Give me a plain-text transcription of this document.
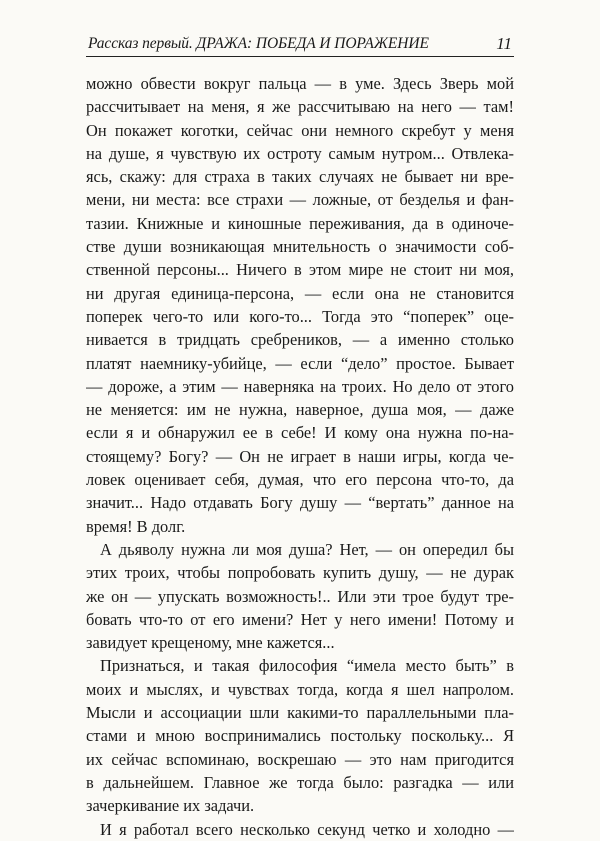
Рассказ первый. ДРАЖА: ПОБЕДА И ПОРАЖЕНИЕ	11
можно обвести вокруг пальца — в уме. Здесь Зверь мой
рассчитывает на меня, я же рассчитываю на него — там!
Он покажет коготки, сейчас они немного скребут у меня
на душе, я чувствую их остроту самым нутром... Отвлека-
ясь, скажу: для страха в таких случаях не бывает ни вре-
мени, ни места: все страхи — ложные, от безделья и фан-
тазии. Книжные и киношные переживания, да в одиноче-
стве души возникающая мнительность о значимости соб-
ственной персоны... Ничего в этом мире не стоит ни моя,
ни другая единица-персона, — если она не становится
поперек чего-то или кого-то... Тогда это “поперек” оце-
нивается в тридцать сребреников, — а именно столько
платят наемнику-убийце, — если “дело” простое. Бывает
— дороже, а этим — наверняка на троих. Но дело от этого
не меняется: им не нужна, наверное, душа моя, — даже
если я и обнаружил ее в себе! И кому она нужна по-на-
стоящему? Богу? — Он не играет в наши игры, когда че-
ловек оценивает себя, думая, что его персона что-то, да
значит... Надо отдавать Богу душу — “вертать” данное на
время! В долг.
А дьяволу нужна ли моя душа? Нет, — он опередил бы
этих троих, чтобы попробовать купить душу, — не дурак
же он — упускать возможность!.. Или эти трое будут тре-
бовать что-то от его имени? Нет у него имени! Потому и
завидует крещеному, мне кажется...
Признаться, и такая философия “имела место быть” в
моих и мыслях, и чувствах тогда, когда я шел напролом.
Мысли и ассоциации шли какими-то параллельными пла-
стами и мною воспринимались постольку поскольку... Я
их сейчас вспоминаю, воскрешаю — это нам пригодится
в дальнейшем. Главное же тогда было: разгадка — или
зачеркивание их задачи.
И я работал всего несколько секунд четко и холодно —
